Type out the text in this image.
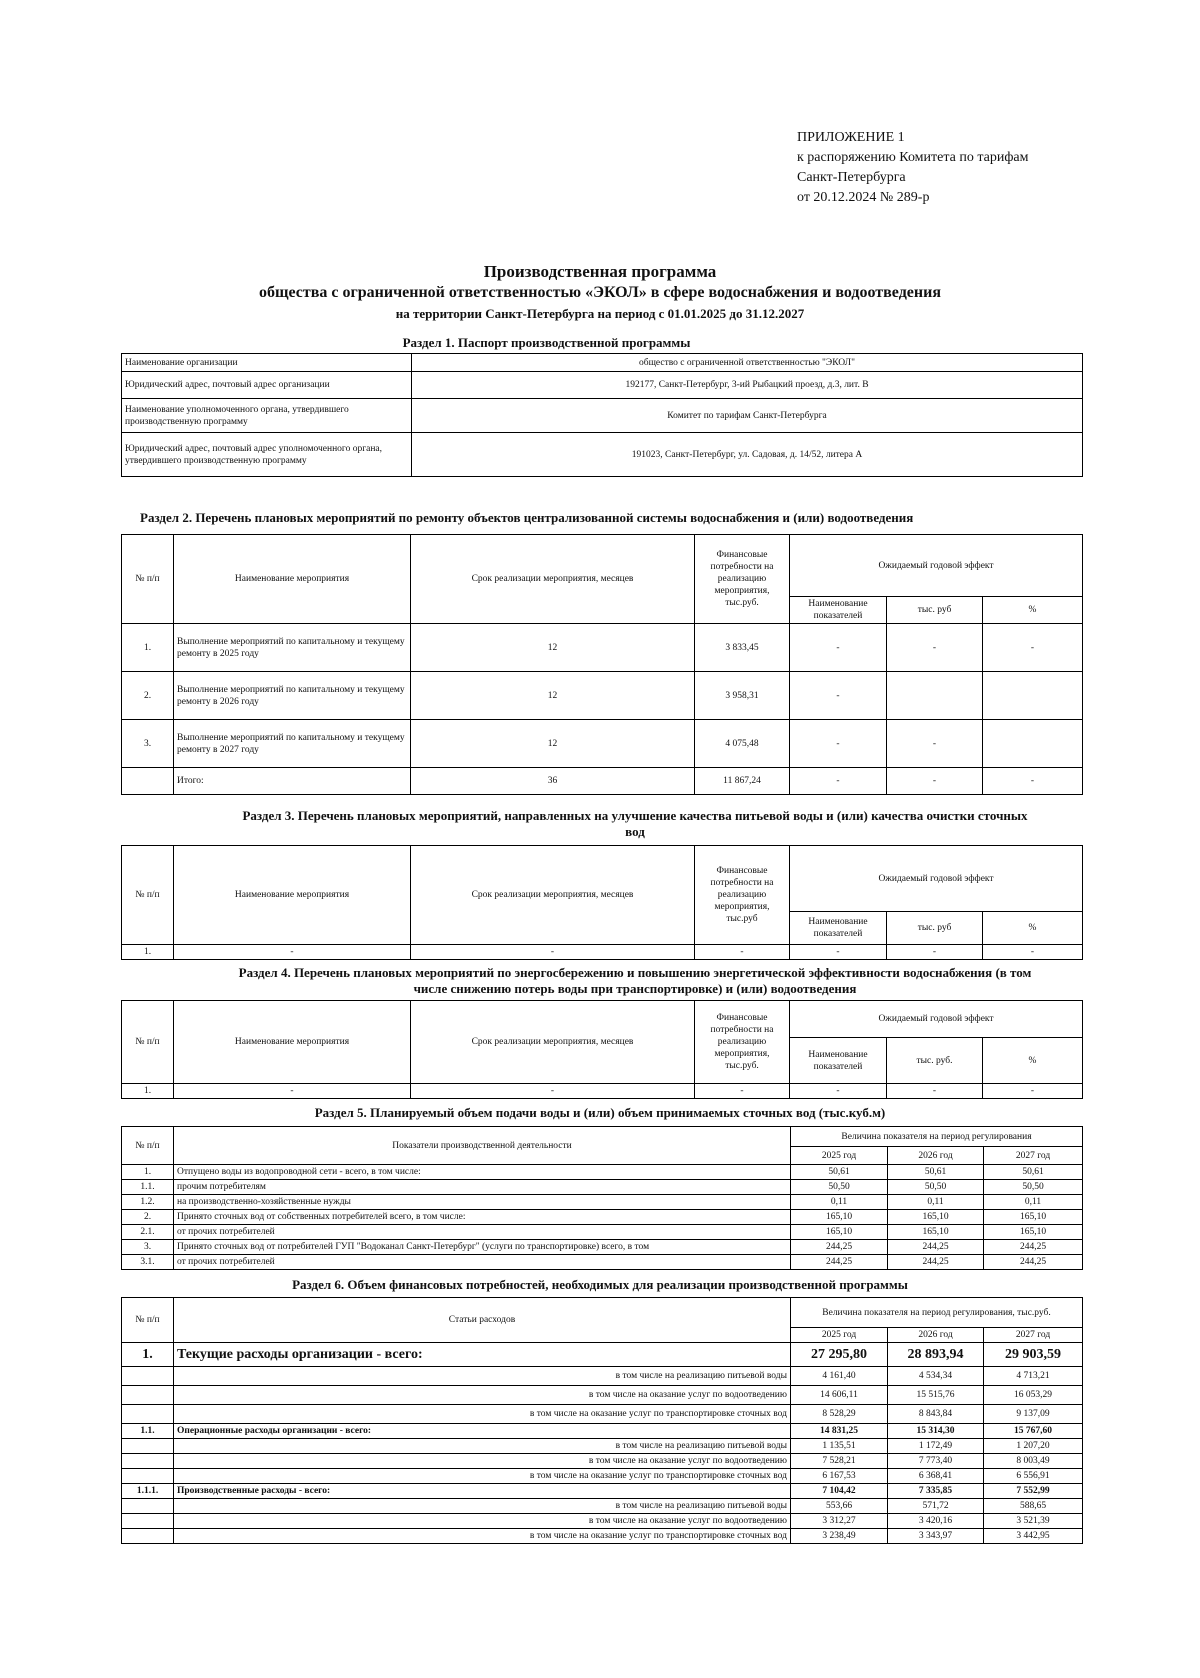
ПРИЛОЖЕНИЕ 1
к распоряжению Комитета по тарифам
Санкт-Петербурга
от 20.12.2024 № 289-р
Производственная программа
общества с ограниченной ответственностью «ЭКОЛ» в сфере водоснабжения и водоотведения
на территории Санкт-Петербурга на период с 01.01.2025 до 31.12.2027
Раздел 1. Паспорт производственной программы
Наименование организации	общество с ограниченной ответственностью "ЭКОЛ"
Юридический адрес, почтовый адрес организации	192177, Санкт-Петербург, 3-ий Рыбацкий проезд, д.3, лит. В
Наименование уполномоченного органа, утвердившего производственную программу	Комитет по тарифам Санкт-Петербурга
Юридический адрес, почтовый адрес уполномоченного органа, утвердившего производственную программу	191023, Санкт-Петербург, ул. Садовая, д. 14/52, литера А
Раздел 2. Перечень плановых мероприятий по ремонту объектов централизованной системы водоснабжения и (или) водоотведения
№ п/п	Наименование мероприятия	Срок реализации мероприятия, месяцев	Финансовые потребности на реализацию мероприятия, тыс.руб.	Ожидаемый годовой эффект		
				Наименование показателей	тыс. руб	%
1.	Выполнение мероприятий по капитальному и текущему ремонту в 2025 году	12	3 833,45	-	-	-
2.	Выполнение мероприятий по капитальному и текущему ремонту в 2026 году	12	3 958,31	-		
3.	Выполнение мероприятий по капитальному и текущему ремонту в 2027 году	12	4 075,48	-	-	
	Итого:	36	11 867,24	-	-	-
Раздел 3. Перечень плановых мероприятий, направленных на улучшение качества питьевой воды и (или) качества очистки сточных
вод
№ п/п	Наименование мероприятия	Срок реализации мероприятия, месяцев	Финансовые потребности на реализацию мероприятия, тыс.руб	Ожидаемый годовой эффект		
				Наименование показателей	тыс. руб	%
1.	-	-	-	-	-	-
Раздел 4. Перечень плановых мероприятий по энергосбережению и повышению энергетической эффективности водоснабжения (в том
числе снижению потерь воды при транспортировке) и (или) водоотведения
№ п/п	Наименование мероприятия	Срок реализации мероприятия, месяцев	Финансовые потребности на реализацию мероприятия, тыс.руб.	Ожидаемый годовой эффект		
				Наименование показателей	тыс. руб.	%
1.	-	-	-	-	-	-
Раздел 5. Планируемый объем подачи воды и (или) объем принимаемых сточных вод (тыс.куб.м)
№ п/п	Показатели производственной деятельности	Величина показателя на период регулирования		
		2025 год	2026 год	2027 год
1.	Отпущено воды из водопроводной сети - всего, в том числе:	50,61	50,61	50,61
1.1.	прочим потребителям	50,50	50,50	50,50
1.2.	на производственно-хозяйственные нужды	0,11	0,11	0,11
2.	Принято сточных вод от собственных потребителей всего, в том числе:	165,10	165,10	165,10
2.1.	от прочих потребителей	165,10	165,10	165,10
3.	Принято сточных вод от потребителей ГУП "Водоканал Санкт-Петербург" (услуги по транспортировке) всего, в том	244,25	244,25	244,25
3.1.	от прочих потребителей	244,25	244,25	244,25
Раздел 6. Объем финансовых потребностей, необходимых для реализации производственной программы
№ п/п	Статьи расходов	Величина показателя на период регулирования, тыс.руб.		
		2025 год	2026 год	2027 год
1.	Текущие расходы организации - всего:	27 295,80	28 893,94	29 903,59
	в том числе на реализацию питьевой воды	4 161,40	4 534,34	4 713,21
	в том числе на оказание услуг по водоотведению	14 606,11	15 515,76	16 053,29
	в том числе на оказание услуг по транспортировке сточных вод	8 528,29	8 843,84	9 137,09
1.1.	Операционные расходы организации - всего:	14 831,25	15 314,30	15 767,60
	в том числе на реализацию питьевой воды	1 135,51	1 172,49	1 207,20
	в том числе на оказание услуг по водоотведению	7 528,21	7 773,40	8 003,49
	в том числе на оказание услуг по транспортировке сточных вод	6 167,53	6 368,41	6 556,91
1.1.1.	Производственные расходы - всего:	7 104,42	7 335,85	7 552,99
	в том числе на реализацию питьевой воды	553,66	571,72	588,65
	в том числе на оказание услуг по водоотведению	3 312,27	3 420,16	3 521,39
	в том числе на оказание услуг по транспортировке сточных вод	3 238,49	3 343,97	3 442,95
